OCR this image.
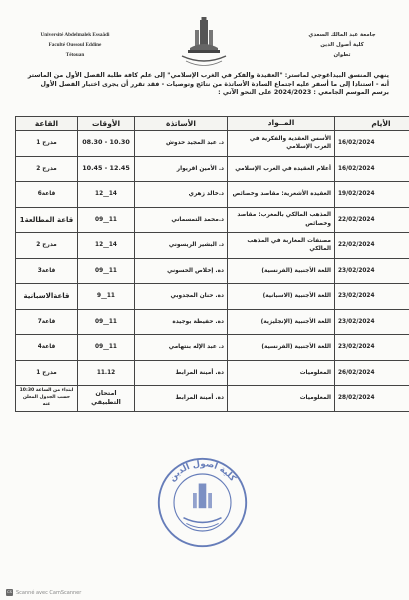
Université Abdelmalek Essaâdi
Faculté Oussoul Eddine
Tétouan
جامعة عبد المالك السعدي
كلية أصول الدين
تطوان
ينهي المنسق البيداغوجي لماستر: "العقيدة والفكر في الغرب الإسلامي" إلى علم كافة طلبة الفصل الأول من الماستر أنه - استنادا إلى ما أسفر عليه اجتماع السادة الأساتذة من نتائج وتوصيات - فقد تقرر أن يجرى اختبار الفصل الأول برسم الموسم الجامعي : 2024/2023 على النحو الآتي :
الأيام	المــواد	الأساتذة	الأوقات	القاعة
16/02/2024	الأسس العقدية والفكرية في الغرب الإسلامي	د. عبد المجيد حدوش	08.30 - 10.30	مدرج 1
16/02/2024	أعلام العقيدة في الغرب الإسلامي	د. الأمين اقريوار	10.45 - 12.45	مدرج 2
19/02/2024	العقيدة الأشعرية: مقاصد وخصائص	د.خالد زهري	12__14	قاعة6
22/02/2024	المذهب المالكي بالمغرب: مقاصد وخصائص	د.محمد التمسماني	09__11	قاعة المطالعة1
22/02/2024	مصنفات المغاربة في المذهب المالكي	د. البشير الريسوني	12__14	مدرج 2
23/02/2024	اللغة الأجنبية (الفرنسية)	دة. إخلاص الحسوني	09__11	قاعة3
23/02/2024	اللغة الأجنبية (الاسبانية)	دة. حنان المجدوبي	9__11	قاعةالاسبانية
23/02/2024	اللغة الأجنبية (الإنجليزية)	دة. حفيظة بوجيدة	09__11	قاعة7
23/02/2024	اللغة الأجنبية (الفرنسية)	د. عبد الإله بنتهامي	09__11	قاعة4
26/02/2024	المعلوميات	دة. أمينة المرابط	11.12	مدرج 1
28/02/2024	المعلوميات	دة. أمينة المرابط	امتحان التطبيقي	ابتداء من الساعة 10:30 حسب الجدول المعلن عنه
كلية أصول الدين
CS Scanné avec CamScanner
